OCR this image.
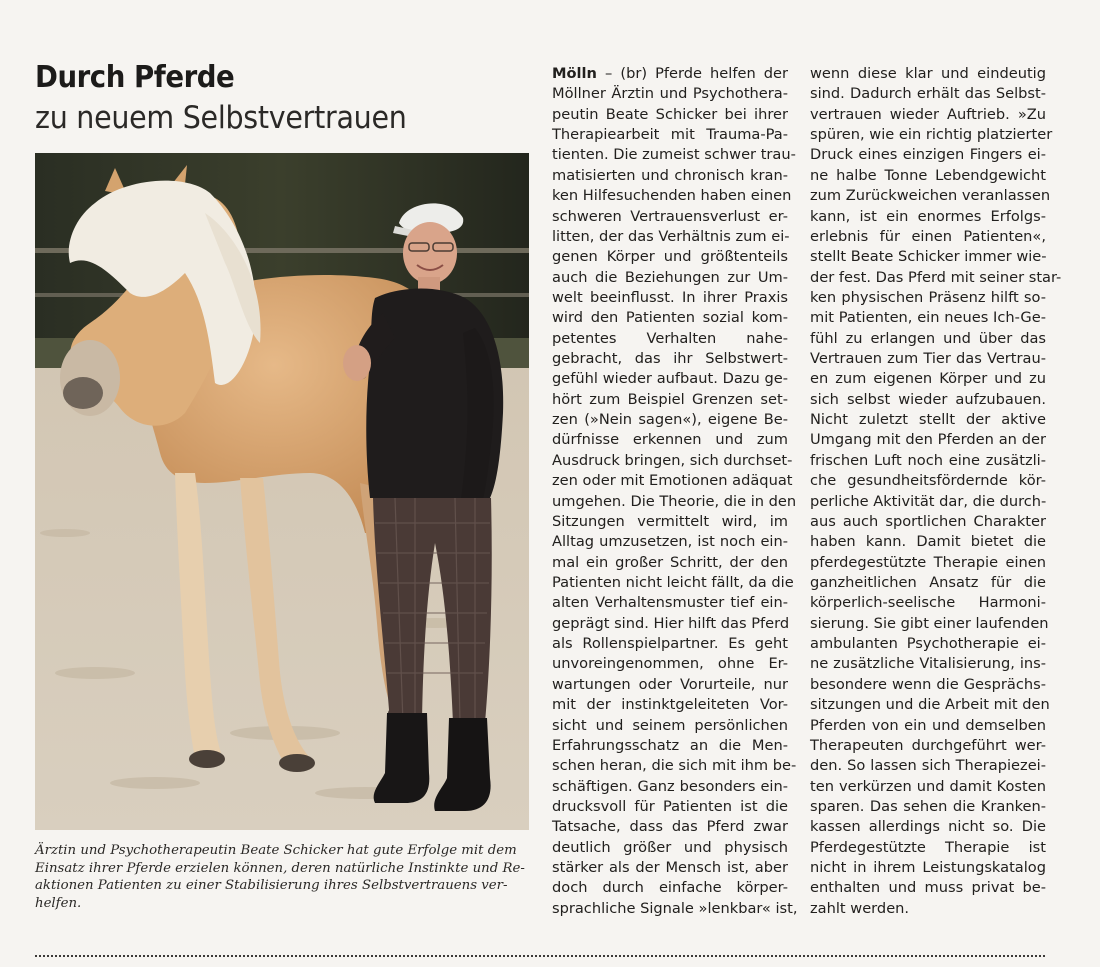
Durch Pferde
zu neuem Selbstvertrauen
Ärztin und Psychotherapeutin Beate Schicker hat gute Erfolge mit dem
Einsatz ihrer Pferde erzielen können, deren natürliche Instinkte und Re-
aktionen Patienten zu einer Stabilisierung ihres Selbstvertrauens ver-
helfen.
Mölln – (br) Pferde helfen der
Möllner Ärztin und Psychothera-
peutin Beate Schicker bei ihrer
Therapiearbeit mit Trauma-Pa-
tienten. Die zumeist schwer trau-
matisierten und chronisch kran-
ken Hilfesuchenden haben einen
schweren Vertrauensverlust er-
litten, der das Verhältnis zum ei-
genen Körper und größtenteils
auch die Beziehungen zur Um-
welt beeinflusst. In ihrer Praxis
wird den Patienten sozial kom-
petentes Verhalten nahe-
gebracht, das ihr Selbstwert-
gefühl wieder aufbaut. Dazu ge-
hört zum Beispiel Grenzen set-
zen (»Nein sagen«), eigene Be-
dürfnisse erkennen und zum
Ausdruck bringen, sich durchset-
zen oder mit Emotionen adäquat
umgehen. Die Theorie, die in den
Sitzungen vermittelt wird, im
Alltag umzusetzen, ist noch ein-
mal ein großer Schritt, der den
Patienten nicht leicht fällt, da die
alten Verhaltensmuster tief ein-
geprägt sind. Hier hilft das Pferd
als Rollenspielpartner. Es geht
unvoreingenommen, ohne Er-
wartungen oder Vorurteile, nur
mit der instinktgeleiteten Vor-
sicht und seinem persönlichen
Erfahrungsschatz an die Men-
schen heran, die sich mit ihm be-
schäftigen. Ganz besonders ein-
drucksvoll für Patienten ist die
Tatsache, dass das Pferd zwar
deutlich größer und physisch
stärker als der Mensch ist, aber
doch durch einfache körper-
sprachliche Signale »lenkbar« ist,
wenn diese klar und eindeutig
sind. Dadurch erhält das Selbst-
vertrauen wieder Auftrieb. »Zu
spüren, wie ein richtig platzierter
Druck eines einzigen Fingers ei-
ne halbe Tonne Lebendgewicht
zum Zurückweichen veranlassen
kann, ist ein enormes Erfolgs-
erlebnis für einen Patienten«,
stellt Beate Schicker immer wie-
der fest. Das Pferd mit seiner star-
ken physischen Präsenz hilft so-
mit Patienten, ein neues Ich-Ge-
fühl zu erlangen und über das
Vertrauen zum Tier das Vertrau-
en zum eigenen Körper und zu
sich selbst wieder aufzubauen.
Nicht zuletzt stellt der aktive
Umgang mit den Pferden an der
frischen Luft noch eine zusätzli-
che gesundheitsfördernde kör-
perliche Aktivität dar, die durch-
aus auch sportlichen Charakter
haben kann. Damit bietet die
pferdegestützte Therapie einen
ganzheitlichen Ansatz für die
körperlich-seelische Harmoni-
sierung. Sie gibt einer laufenden
ambulanten Psychotherapie ei-
ne zusätzliche Vitalisierung, ins-
besondere wenn die Gesprächs-
sitzungen und die Arbeit mit den
Pferden von ein und demselben
Therapeuten durchgeführt wer-
den. So lassen sich Therapiezei-
ten verkürzen und damit Kosten
sparen. Das sehen die Kranken-
kassen allerdings nicht so. Die
Pferdegestützte Therapie ist
nicht in ihrem Leistungskatalog
enthalten und muss privat be-
zahlt werden.
